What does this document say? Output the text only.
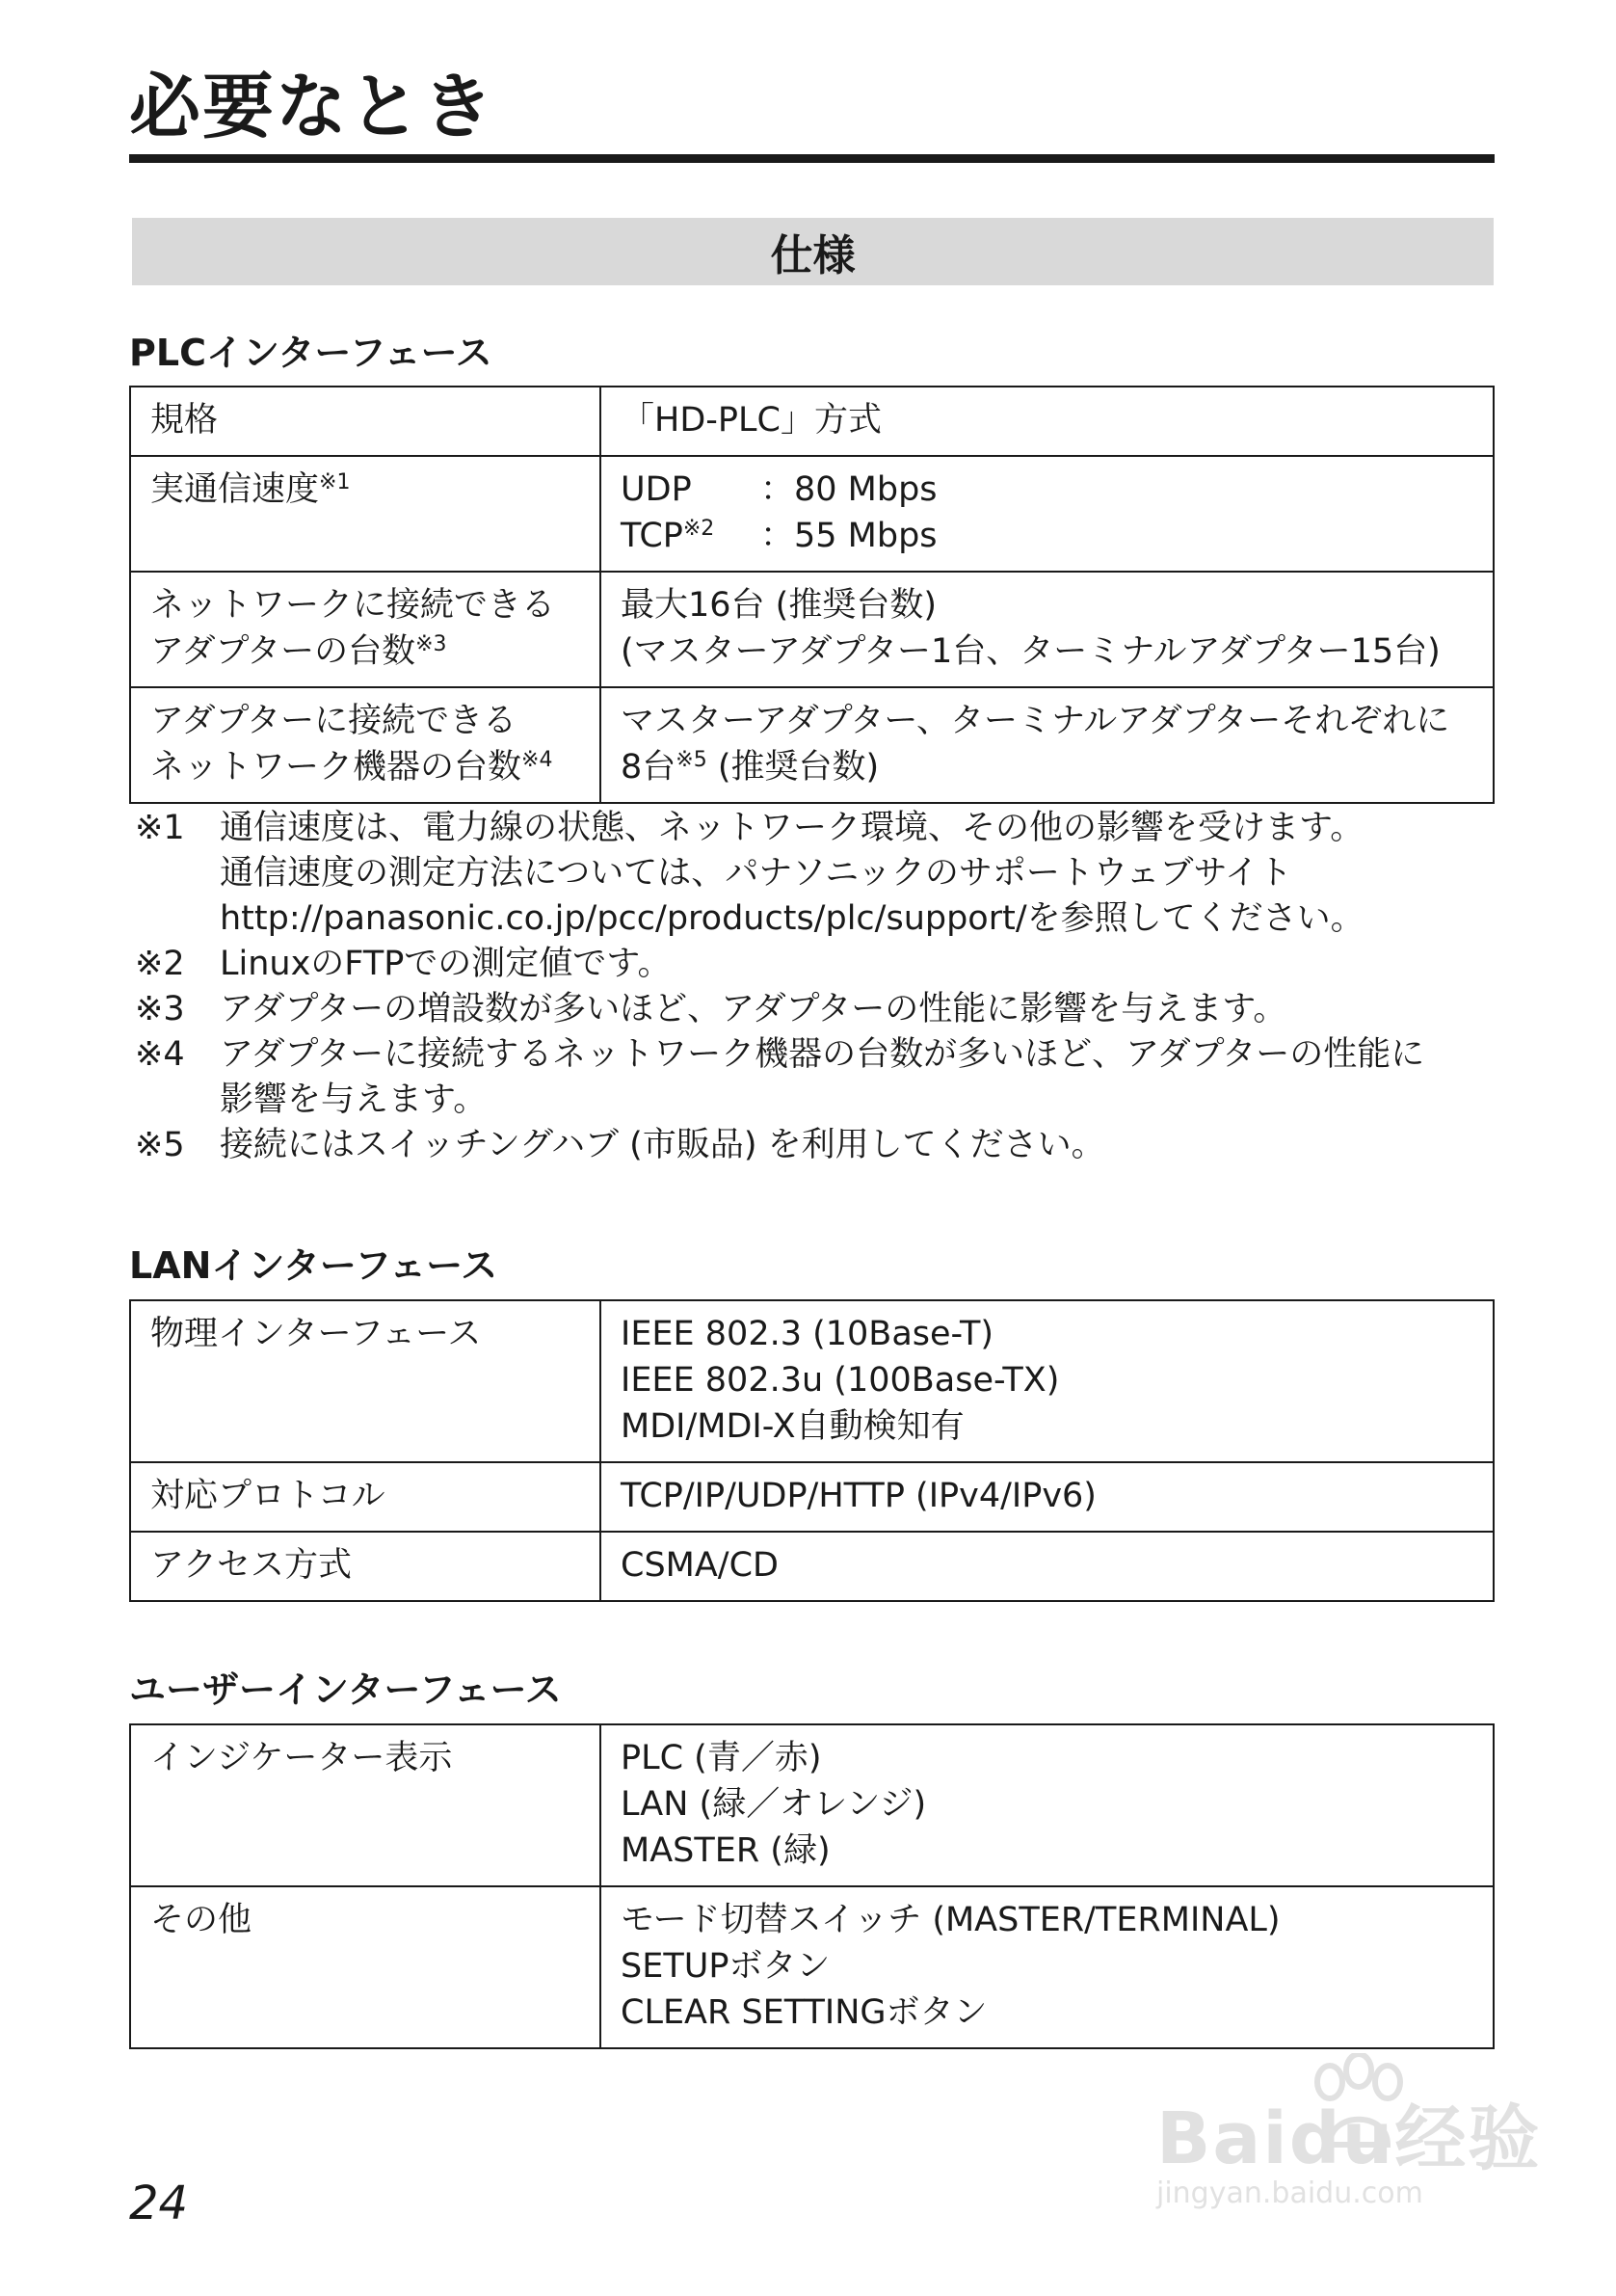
必要なとき
仕様
PLCインターフェース
規格	「HD-PLC」方式

実通信速度$^{※1}$	UDP　：80 Mbps
TCP$^{※2}$ ：55 Mbps

ネットワークに接続できる
アダプターの台数$^{※3}$	最大16台 (推奨台数)
(マスターアダプター1台、ターミナルアダプター15台)

アダプターに接続できる
ネットワーク機器の台数$^{※4}$	マスターアダプター、ターミナルアダプターそれぞれに
8台$^{※5}$ (推奨台数)
※1	通信速度は、電力線の状態、ネットワーク環境、その他の影響を受けます。
通信速度の測定方法については、パナソニックのサポートウェブサイト
http://panasonic.co.jp/pcc/products/plc/support/を参照してください。
※2	LinuxのFTPでの測定値です。
※3	アダプターの増設数が多いほど、アダプターの性能に影響を与えます。
※4	アダプターに接続するネットワーク機器の台数が多いほど、アダプターの性能に
影響を与えます。
※5	接続にはスイッチングハブ (市販品) を利用してください。
LANインターフェース
物理インターフェース	IEEE 802.3 (10Base-T)
IEEE 802.3u (100Base-TX)
MDI/MDI-X自動検知有

対応プロトコル	TCP/IP/UDP/HTTP (IPv4/IPv6)

アクセス方式	CSMA/CD
ユーザーインターフェース
インジケーター表示	PLC (青／赤)
LAN (緑／オレンジ)
MASTER (緑)

その他	モード切替スイッチ (MASTER/TERMINAL)
SETUPボタン
CLEAR SETTINGボタン

24

Baidu经验
jingyan.baidu.com
